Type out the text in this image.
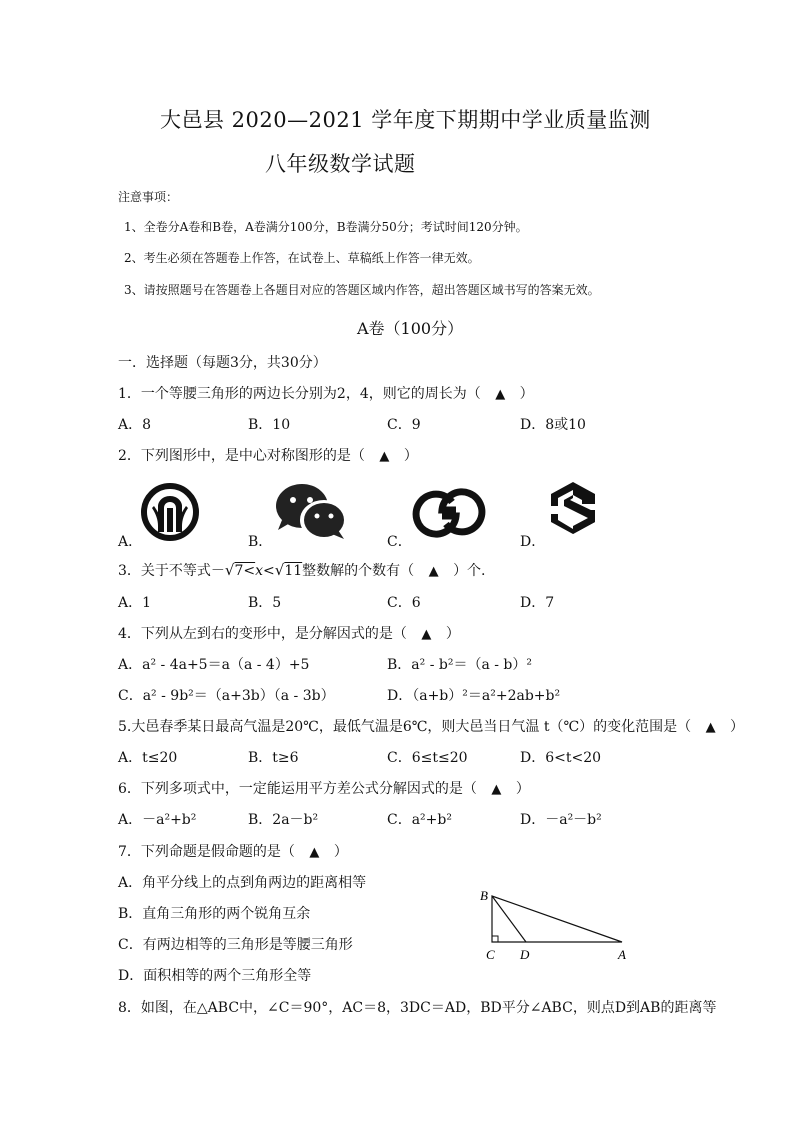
大邑县 2020—2021 学年度下期期中学业质量监测
八年级数学试题
注意事项：
1、全卷分A卷和B卷，A卷满分100分，B卷满分50分；考试时间120分钟。
2、考生必须在答题卷上作答，在试卷上、草稿纸上作答一律无效。
3、请按照题号在答题卷上各题目对应的答题区域内作答，超出答题区域书写的答案无效。
A卷（100分）
一．选择题（每题3分，共30分）
1．一个等腰三角形的两边长分别为2，4，则它的周长为（ ▲ ）
A．8	B．10	C．9	D．8或10
2．下列图形中，是中心对称图形的是（ ▲ ）
A．	B．	C．	D．
3．关于不等式－√7<x<√11整数解的个数有（ ▲ ）个.
A．1	B．5	C．6	D．7
4．下列从左到右的变形中，是分解因式的是（ ▲ ）
A．a² - 4a+5＝a（a - 4）+5	B．a² - b²＝（a - b）²
C．a² - 9b²＝（a+3b）（a - 3b）	D．（a+b）²＝a²+2ab+b²
5.大邑春季某日最高气温是20℃，最低气温是6℃，则大邑当日气温 t（℃）的变化范围是（ ▲ ）
A．t≤20	B．t≥6	C．6≤t≤20	D．6<t<20
6．下列多项式中，一定能运用平方差公式分解因式的是（ ▲ ）
A．－a²+b²	B．2a－b²	C．a²+b²	D．－a²－b²
7．下列命题是假命题的是（ ▲ ）
A．角平分线上的点到角两边的距离相等
B．直角三角形的两个锐角互余
C．有两边相等的三角形是等腰三角形
D．面积相等的两个三角形全等
B
C D	A
8．如图，在△ABC中，∠C＝90°，AC＝8，3DC＝AD，BD平分∠ABC，则点D到AB的距离等
